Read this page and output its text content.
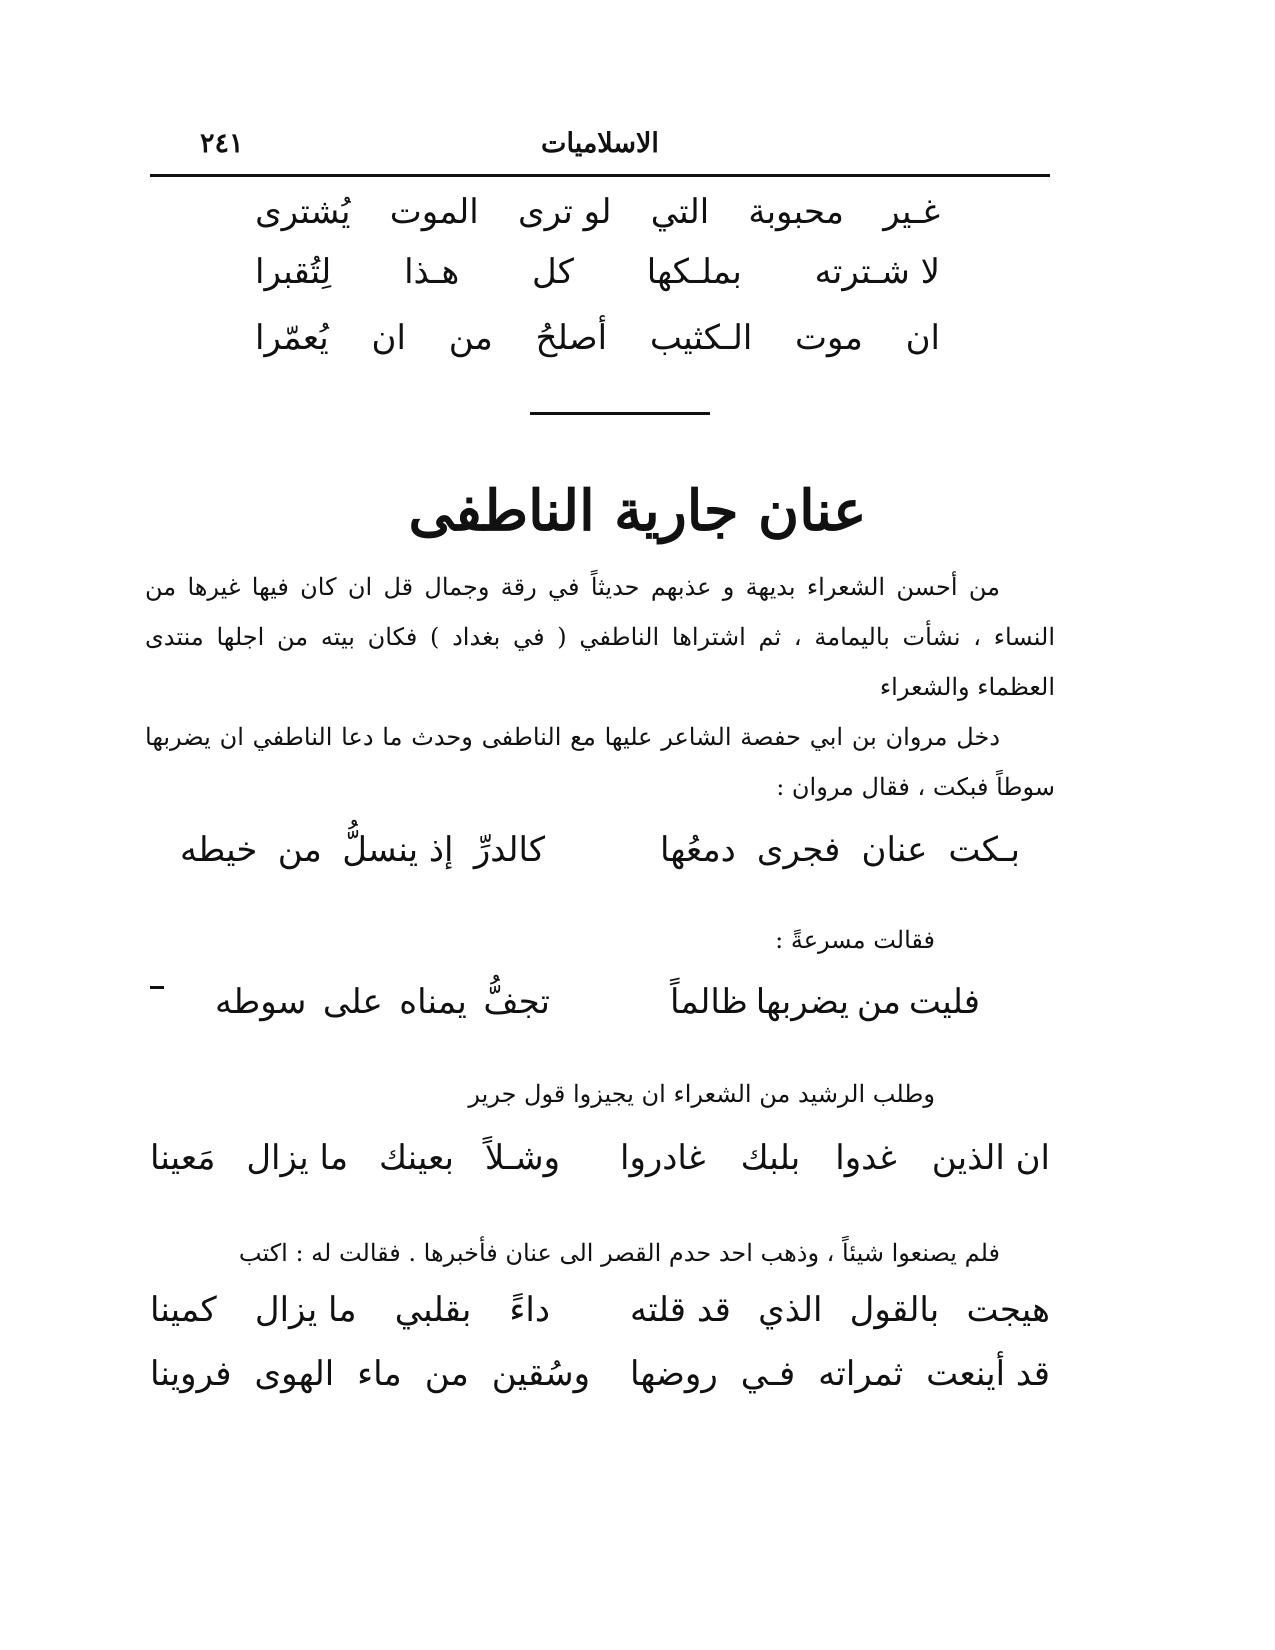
الاسلاميات
٢٤١
غـير
محبوبة
التي
لو ترى
الموت
يُشترى
لا شـترته
بملـكها
كل
هـذا
لِتُقبرا
ان
موت
الـكثيب
أصلحُ
من
ان
يُعمّرا
عنان جارية الناطفى

من أحسن الشعراء بديهة و عذبهم حديثاً في رقة وجمال قل ان كان فيها غيرها من النساء ، نشأت باليمامة ، ثم اشتراها الناطفي ( في بغداد ) فكان بيته من اجلها منتدى العظماء والشعراء

دخل مروان بن ابي حفصة الشاعر عليها مع الناطفى وحدث ما دعا الناطفي ان يضربها سوطاً فبكت ، فقال مروان :

بـكت
عنان
فجرى
دمعُها
كالدرِّ
إذ ينسلُّ
من
خيطه
فقالت مسرعةً :
فليت
من
يضربها
ظالماً
تجفُّ
يمناه
على
سوطه
وطلب الرشيد من الشعراء ان يجيزوا قول جرير
ان الذين
غدوا
بلبك
غادروا
وشـلاً
بعينك
ما يزال
مَعينا

فلم يصنعوا شيئاً ، وذهب احد حدم القصر الى عنان فأخبرها . فقالت له : اكتب

هيجت
بالقول
الذي
قد قلته
داءً
بقلبي
ما يزال
كمينا
قد أينعت
ثمراته
فـي
روضها
وسُقين
من
ماء
الهوى
فروينا
